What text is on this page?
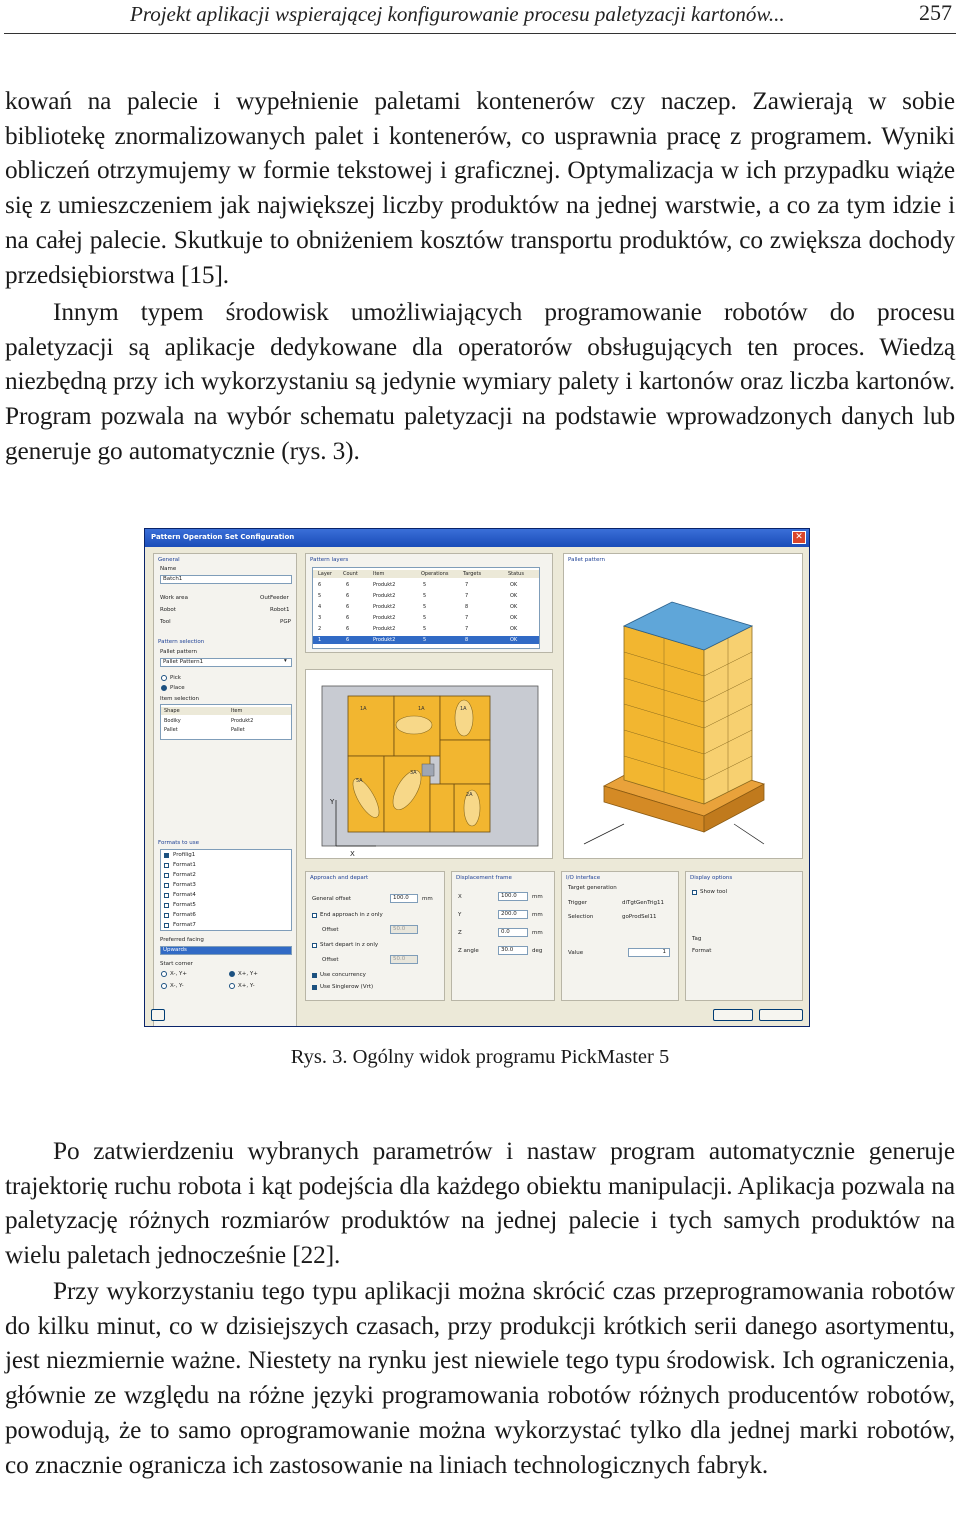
Projekt aplikacji wspierającej konfigurowanie procesu paletyzacji kartonów...	257

kowań na palecie i wypełnienie paletami kontenerów czy naczep. Zawierają w sobie bibliotekę znormalizowanych palet i kontenerów, co usprawnia pracę z programem. Wyniki obliczeń otrzymujemy w formie tekstowej i graficznej. Optymalizacja w ich przypadku wiąże się z umieszczeniem jak największej liczby produktów na jednej warstwie, a co za tym idzie i na całej palecie. Skutkuje to obniżeniem kosztów transportu produktów, co zwiększa dochody przedsiębiorstwa [15].

Innym typem środowisk umożliwiających programowanie robotów do procesu paletyzacji są aplikacje dedykowane dla operatorów obsługujących ten proces. Wiedzą niezbędną przy ich wykorzystaniu są jedynie wymiary palety i kartonów oraz liczba kartonów. Program pozwala na wybór schematu paletyzacji na podstawie wprowadzonych danych lub generuje go automatycznie (rys. 3).

Pattern Operation Set Configuration	✕
General
Name
Batch1
Work area	OutFeeder
Robot	Robot1
Tool	PGP
Pattern selection
Pallet pattern
Pallet Pattern1	▾
Pick
Place
Item selection
Shape	Item
Bodiky	Produkt2
Pallet	Pallet
Formats to use
Profilig1
Format1
Format2
Format3
Format4
Format5
Format6
Format7
Preferred facing
Upwards
Start corner
X-, Y+	X+, Y+
X-, Y-	X+, Y-
Pattern layers
Layer Count	Item	Operations	Targets	Status
6	6	Produkt2	5	7	OK
5	6	Produkt2	5	7	OK
4	6	Produkt2	5	8	OK
3	6	Produkt2	5	7	OK
2	6	Produkt2	5	7	OK
1	6	Produkt2	5	8	OK
Y
X
1A	1A	1A
3A
5A
2A
Pallet pattern
Approach and depart
General offset	100.0	mm
End approach in z only
Offset	50.0
Start depart in z only
Offset	50.0
Use concurrency
Use Singlerow (Vrt)
Displacement frame
X	100.0	mm
Y	200.0	mm
Z	0.0	mm
Z angle	30.0	deg
I/O interface
Target generation
Trigger	diTgtGenTrig11
Selection	goProdSel11
Value	1
Display options
Show tool
Tag
Format
Rys. 3. Ogólny widok programu PickMaster 5

Po zatwierdzeniu wybranych parametrów i nastaw program automatycznie generuje trajektorię ruchu robota i kąt podejścia dla każdego obiektu manipulacji. Aplikacja pozwala na paletyzację różnych rozmiarów produktów na jednej palecie i tych samych produktów na wielu paletach jednocześnie [22].

Przy wykorzystaniu tego typu aplikacji można skrócić czas przeprogramowania robotów do kilku minut, co w dzisiejszych czasach, przy produkcji krótkich serii danego asortymentu, jest niezmiernie ważne. Niestety na rynku jest niewiele tego typu środowisk. Ich ograniczenia, głównie ze względu na różne języki programowania robotów różnych producentów robotów, powodują, że to samo oprogramowanie można wykorzystać tylko dla jednej marki robotów, co znacznie ogranicza ich zastosowanie na liniach technologicznych fabryk.
